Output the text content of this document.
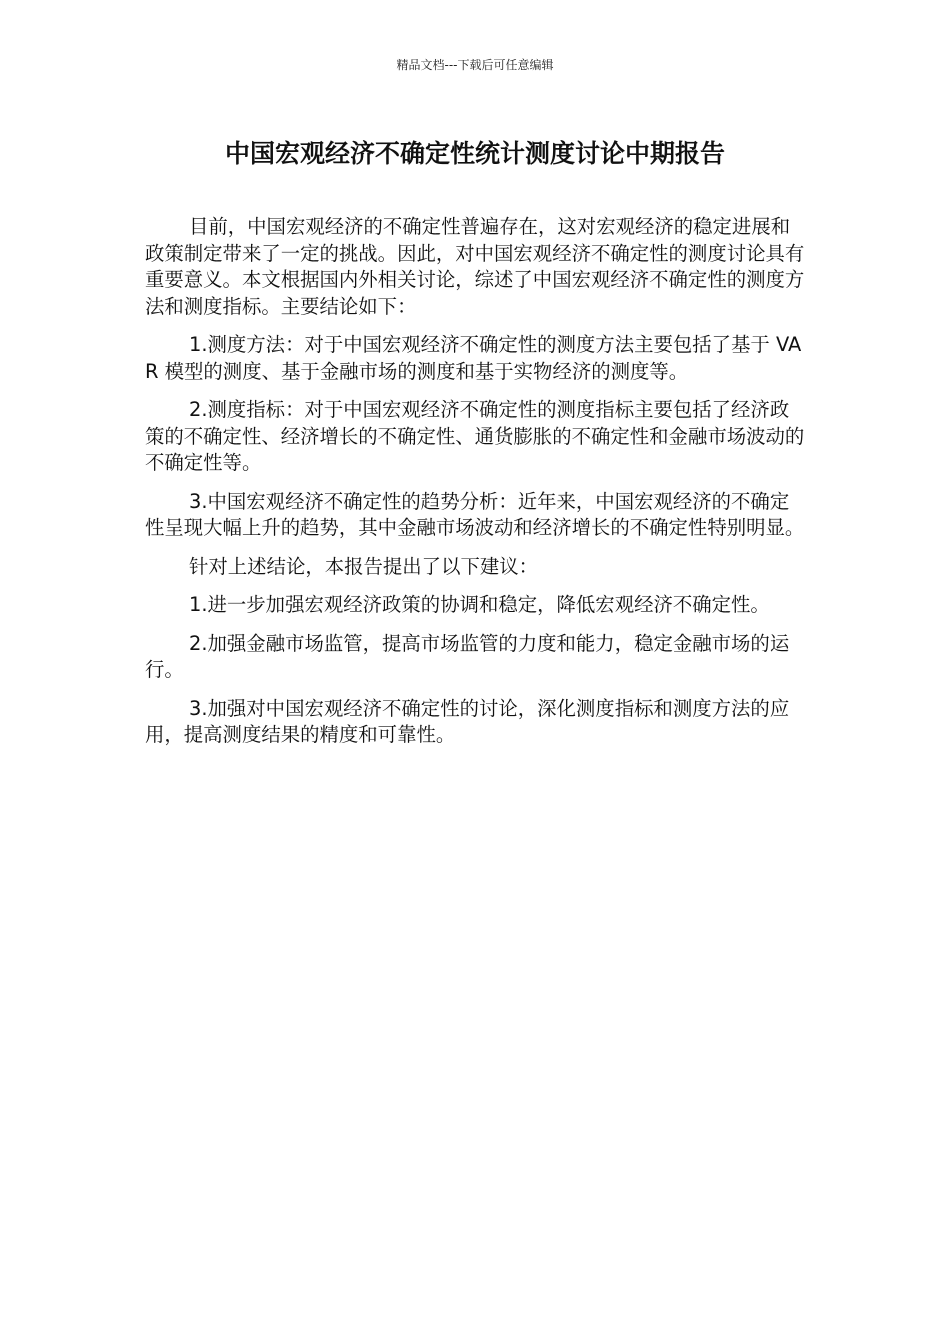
精品文档---下载后可任意编辑
中国宏观经济不确定性统计测度讨论中期报告

目前，中国宏观经济的不确定性普遍存在，这对宏观经济的稳定进展和政策制定带来了一定的挑战。因此，对中国宏观经济不确定性的测度讨论具有重要意义。本文根据国内外相关讨论，综述了中国宏观经济不确定性的测度方法和测度指标。主要结论如下：

1.测度方法：对于中国宏观经济不确定性的测度方法主要包括了基于 VAR 模型的测度、基于金融市场的测度和基于实物经济的测度等。

2.测度指标：对于中国宏观经济不确定性的测度指标主要包括了经济政策的不确定性、经济增长的不确定性、通货膨胀的不确定性和金融市场波动的不确定性等。

3.中国宏观经济不确定性的趋势分析：近年来，中国宏观经济的不确定性呈现大幅上升的趋势，其中金融市场波动和经济增长的不确定性特别明显。

针对上述结论，本报告提出了以下建议：

1.进一步加强宏观经济政策的协调和稳定，降低宏观经济不确定性。

2.加强金融市场监管，提高市场监管的力度和能力，稳定金融市场的运行。

3.加强对中国宏观经济不确定性的讨论，深化测度指标和测度方法的应用，提高测度结果的精度和可靠性。
